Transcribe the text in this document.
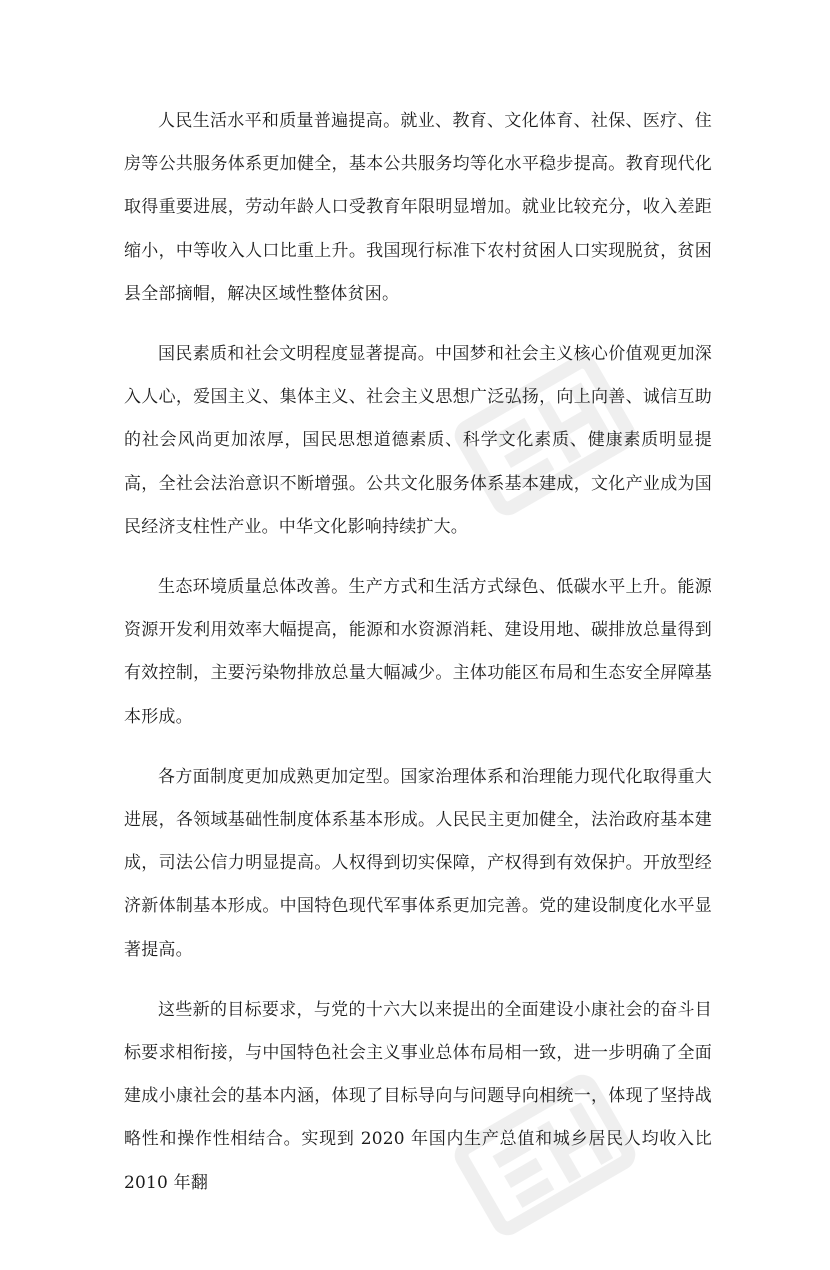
人民生活水平和质量普遍提高。就业、教育、文化体育、社保、医疗、住房等公共服务体系更加健全，基本公共服务均等化水平稳步提高。教育现代化取得重要进展，劳动年龄人口受教育年限明显增加。就业比较充分，收入差距缩小，中等收入人口比重上升。我国现行标准下农村贫困人口实现脱贫，贫困县全部摘帽，解决区域性整体贫困。

国民素质和社会文明程度显著提高。中国梦和社会主义核心价值观更加深入人心，爱国主义、集体主义、社会主义思想广泛弘扬，向上向善、诚信互助的社会风尚更加浓厚，国民思想道德素质、科学文化素质、健康素质明显提高，全社会法治意识不断增强。公共文化服务体系基本建成，文化产业成为国民经济支柱性产业。中华文化影响持续扩大。

生态环境质量总体改善。生产方式和生活方式绿色、低碳水平上升。能源资源开发利用效率大幅提高，能源和水资源消耗、建设用地、碳排放总量得到有效控制，主要污染物排放总量大幅减少。主体功能区布局和生态安全屏障基本形成。

各方面制度更加成熟更加定型。国家治理体系和治理能力现代化取得重大进展，各领域基础性制度体系基本形成。人民民主更加健全，法治政府基本建成，司法公信力明显提高。人权得到切实保障，产权得到有效保护。开放型经济新体制基本形成。中国特色现代军事体系更加完善。党的建设制度化水平显著提高。

这些新的目标要求，与党的十六大以来提出的全面建设小康社会的奋斗目标要求相衔接，与中国特色社会主义事业总体布局相一致，进一步明确了全面建成小康社会的基本内涵，体现了目标导向与问题导向相统一，体现了坚持战略性和操作性相结合。实现到 2020 年国内生产总值和城乡居民人均收入比 2010 年翻
